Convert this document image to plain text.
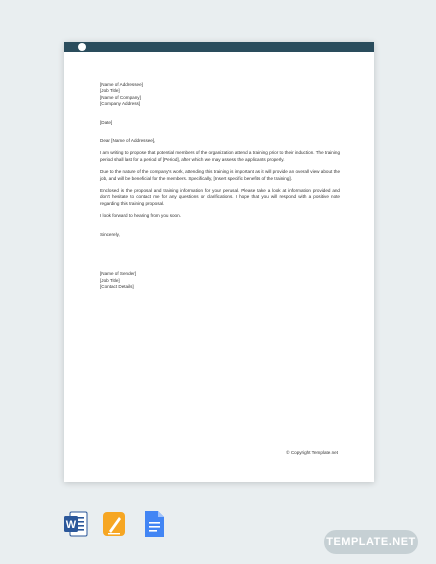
[Name of Addressee]
[Job Title]
[Name of Company]
[Company Address]
[Date]
Dear [Name of Addressee],

I am writing to propose that potential members of the organization attend a training prior to their induction. The training period shall last for a period of [Period], after which we may assess the applicants properly.

Due to the nature of the company's work, attending this training is important as it will provide an overall view about the job, and will be beneficial for the members. Specifically, [Insert specific benefits of the training].

Enclosed is the proposal and training information for your perusal. Please take a look at information provided and don't hesitate to contact me for any questions or clarifications. I hope that you will respond with a positive note regarding this training proposal.

I look forward to hearing from you soon.

Sincerely,
[Name of Sender]
[Job Title]
[Contact Details]
© Copyright Template.net
W
TEMPLATE.NET
